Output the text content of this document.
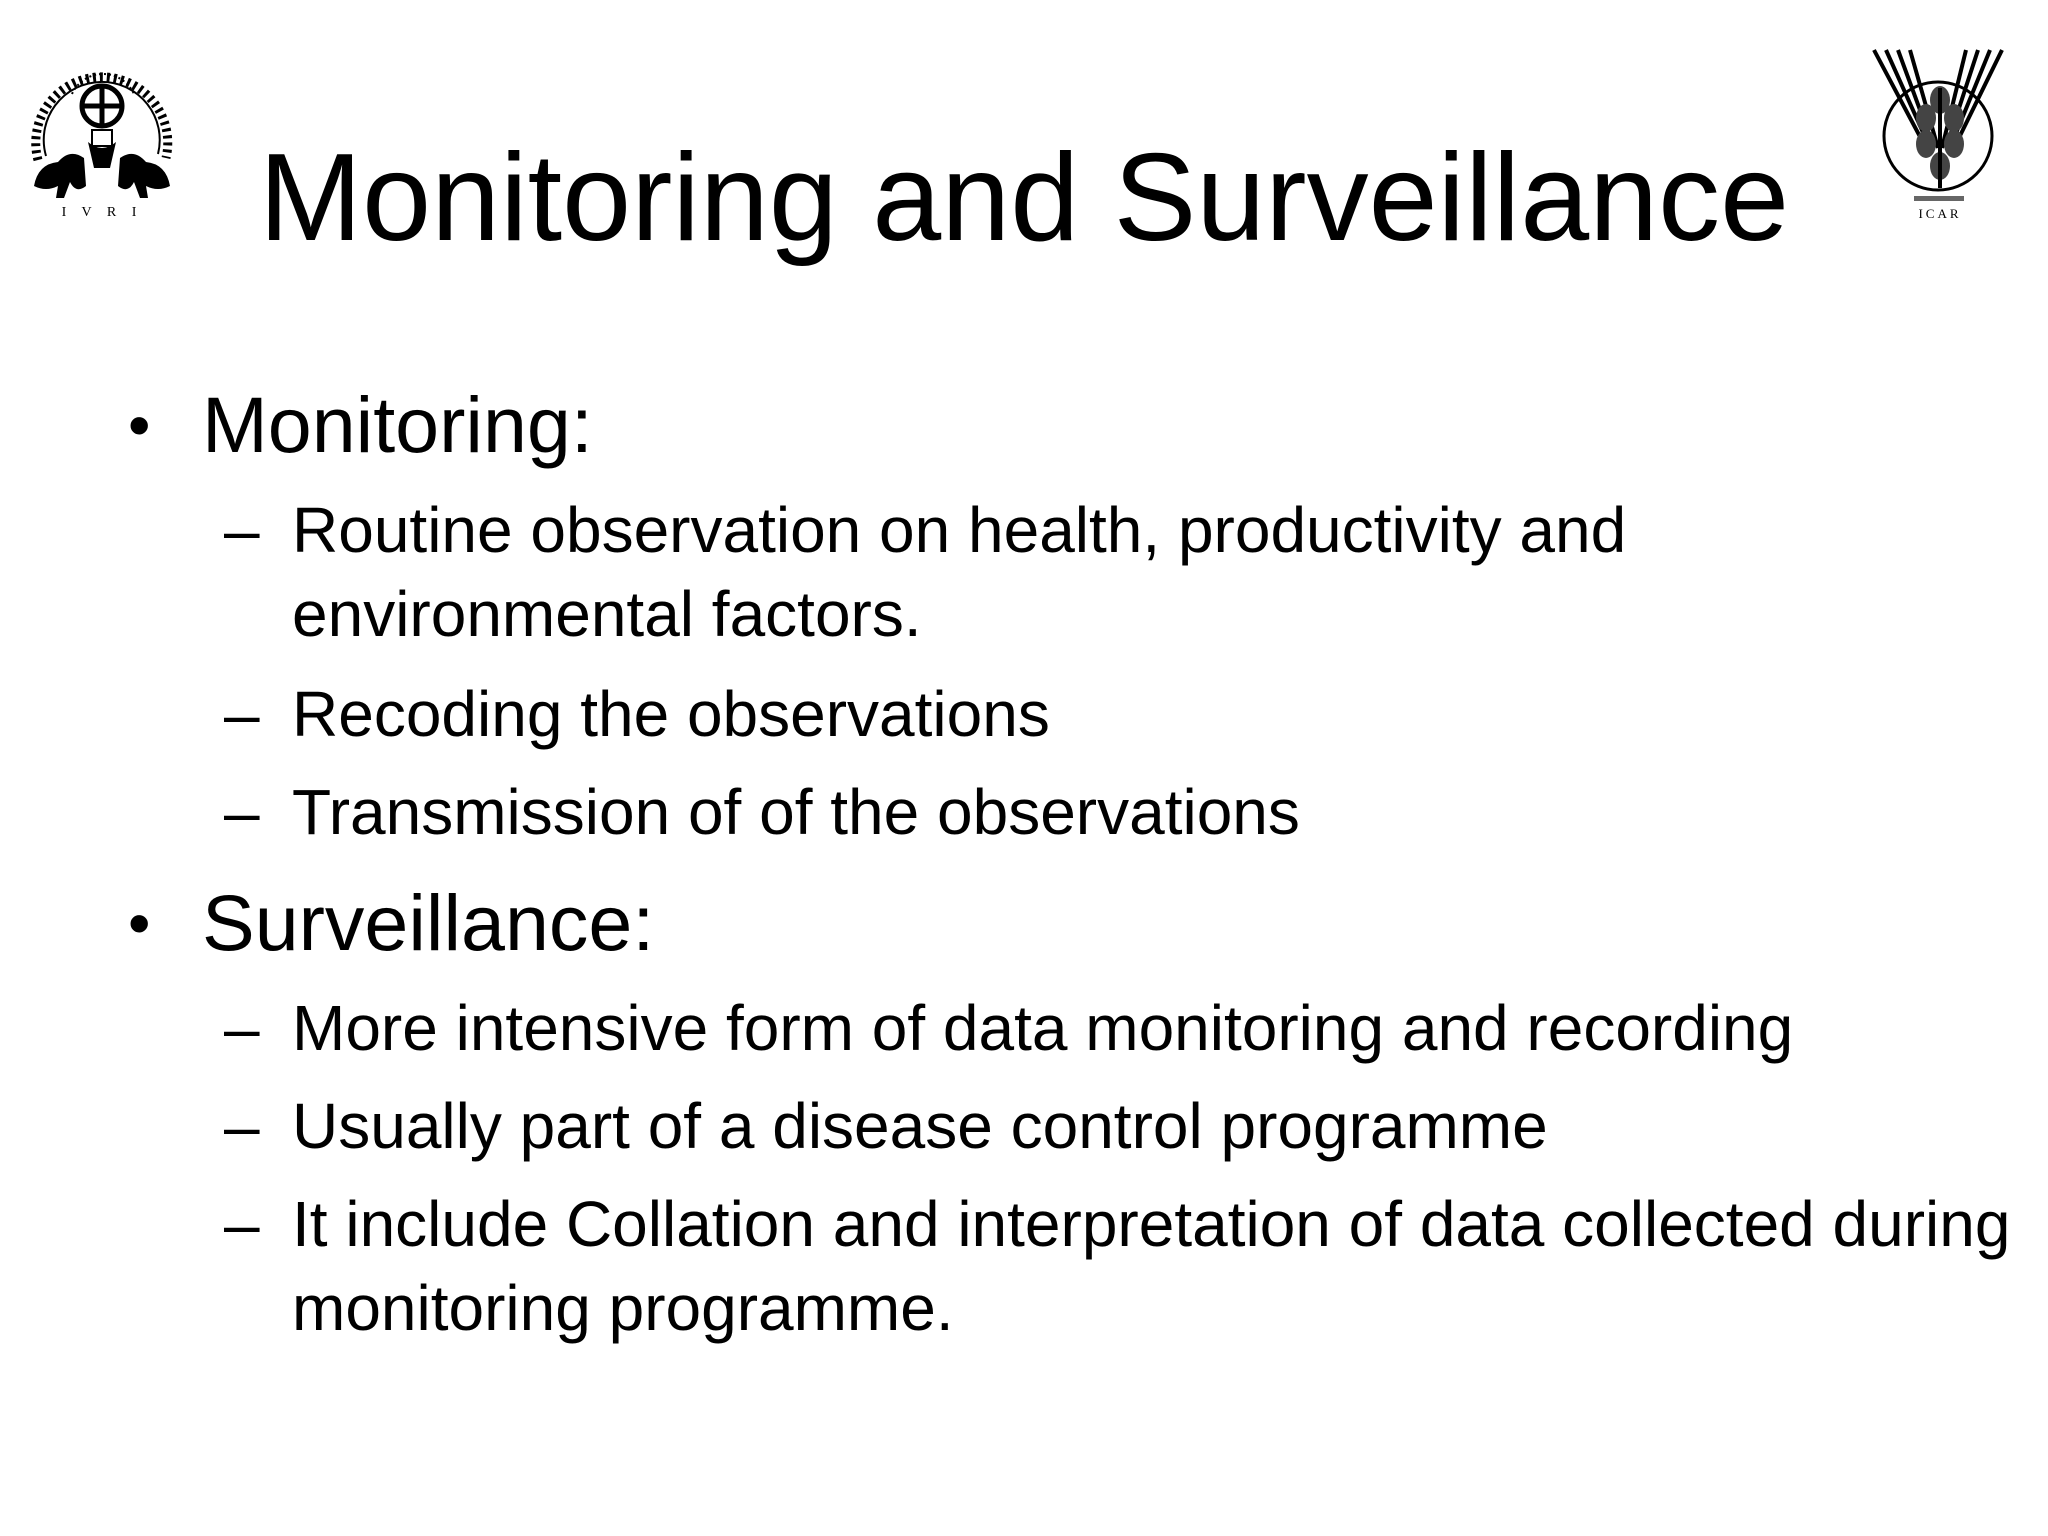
I V R I	ICAR
Monitoring and Surveillance
• Monitoring:
– Routine observation on health, productivity and environmental factors.
– Recoding the observations
– Transmission of of the observations
• Surveillance:
– More intensive form of data monitoring and recording
– Usually part of a disease control programme
– It include Collation and interpretation of data collected during monitoring programme.
